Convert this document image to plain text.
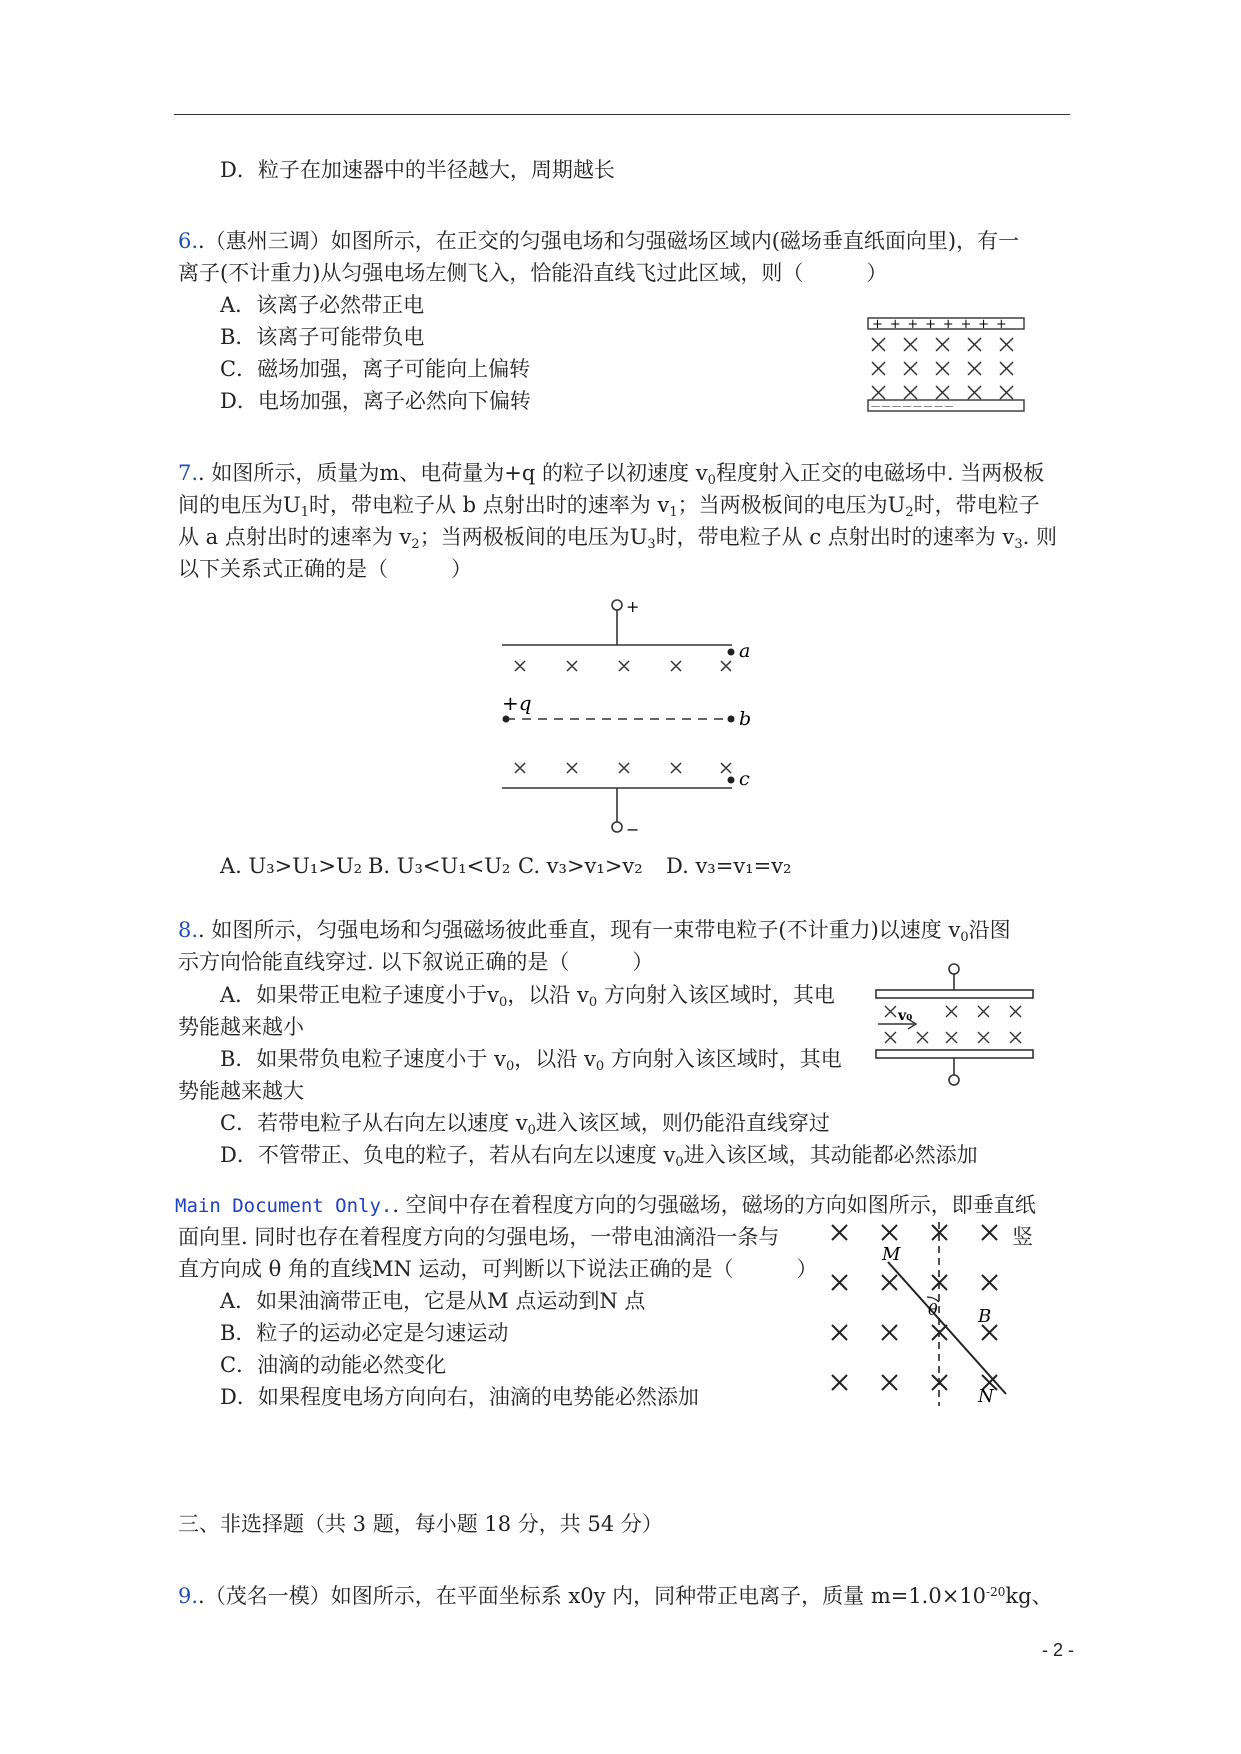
D．粒子在加速器中的半径越大，周期越长
6..（惠州三调）如图所示，在正交的匀强电场和匀强磁场区域内(磁场垂直纸面向里)，有一
离子(不计重力)从匀强电场左侧飞入，恰能沿直线飞过此区域，则（　　　）
A．该离子必然带正电
B．该离子可能带负电
C．磁场加强，离子可能向上偏转
D．电场加强，离子必然向下偏转
++++++++
－－－－－－－－
7.. 如图所示，质量为m、电荷量为+q 的粒子以初速度 $v_0$程度射入正交的电磁场中. 当两极板
间的电压为$U_1$时，带电粒子从 b 点射出时的速率为 $v_1$；当两极板间的电压为$U_2$时，带电粒子
从 a 点射出时的速率为 $v_2$；当两极板间的电压为$U_3$时，带电粒子从 c 点射出时的速率为 $v_3$. 则
以下关系式正确的是（　　　）
+
−
a
+q
b
c
A. U₃>U₁>U₂ B. U₃<U₁<U₂ C. v₃>v₁>v₂ D. v₃=v₁=v₂
8.. 如图所示，匀强电场和匀强磁场彼此垂直，现有一束带电粒子(不计重力)以速度 $v_0$沿图
示方向恰能直线穿过. 以下叙说正确的是（　　　）
A．如果带正电粒子速度小于$v_0$，以沿 $v_0$ 方向射入该区域时，其电
势能越来越小
B．如果带负电粒子速度小于 $v_0$，以沿 $v_0$ 方向射入该区域时，其电
势能越来越大
C．若带电粒子从右向左以速度 $v_0$进入该区域，则仍能沿直线穿过
D．不管带正、负电的粒子，若从右向左以速度 $v_0$进入该区域，其动能都必然添加
v₀
Main Document Only.. 空间中存在着程度方向的匀强磁场，磁场的方向如图所示，即垂直纸
面向里. 同时也存在着程度方向的匀强电场，一带电油滴沿一条与	竖
直方向成 θ 角的直线MN 运动，可判断以下说法正确的是（　　　）
A．如果油滴带正电，它是从M 点运动到N 点
B．粒子的运动必定是匀速运动
C．油滴的动能必然变化
D．如果程度电场方向向右，油滴的电势能必然添加
M
θ B
N
三、非选择题（共 3 题，每小题 18 分，共 54 分）
9..（茂名一模）如图所示，在平面坐标系 x0y 内，同种带正电离子，质量 $m=1.0\times 10^{-20}kg$、
- 2 -
